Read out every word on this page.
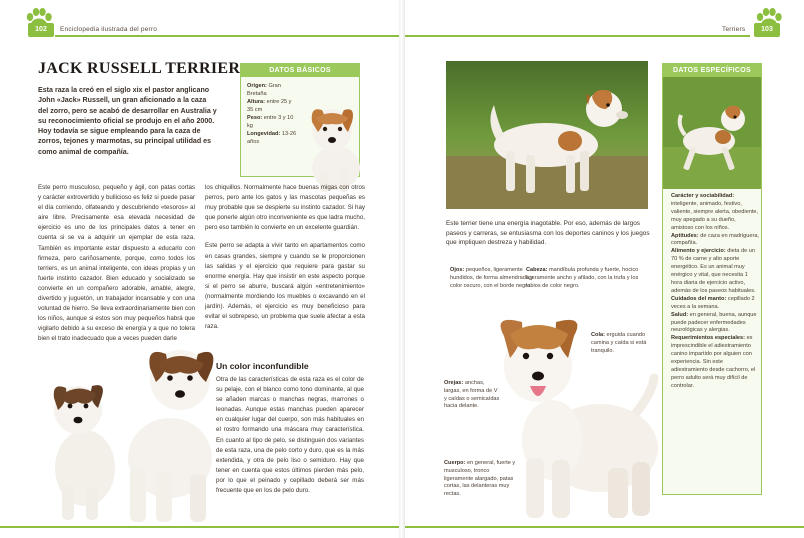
102	Enciclopedia ilustrada del perro
JACK RUSSELL TERRIER
Esta raza la creó en el siglo xix el pastor anglicano John «Jack» Russell, un gran aficionado a la caza del zorro, pero se acabó de desarrollar en Australia y su reconocimiento oficial se produjo en el año 2000. Hoy todavía se sigue empleando para la caza de zorros, tejones y marmotas, su principal utilidad es como animal de compañía.
DATOS BÁSICOS
Origen: Gran Bretaña
Altura: entre 25 y 35 cm
Peso: entre 3 y 10 kg
Longevidad: 13-26 años
Este perro musculoso, pequeño y ágil, con patas cortas y carácter extrovertido y bullicioso es feliz si puede pasar el día corriendo, olfateando y descubriendo «tesoros» al aire libre. Precisamente esa elevada necesidad de ejercicio es uno de los principales datos a tener en cuenta si se va a adquirir un ejemplar de esta raza. También es importante estar dispuesto a educarlo con firmeza, pero cariñosamente, porque, como todos los terriers, es un animal inteligente, con ideas propias y un fuerte instinto cazador. Bien educado y socializado se convierte en un compañero adorable, amable, alegre, divertido y juguetón, un trabajador incansable y con una voluntad de hierro. Se lleva extraordinariamente bien con los niños, aunque si estos son muy pequeños habrá que vigilarlo debido a su exceso de energía y a que no tolera bien el trato inadecuado que a veces pueden darle
los chiquillos. Normalmente hace buenas migas con otros perros, pero ante los gatos y las mascotas pequeñas es muy probable que se despierte su instinto cazador. Si hay que ponerle algún otro inconveniente es que ladra mucho, pero eso también lo convierte en un excelente guardián.
Este perro se adapta a vivir tanto en apartamentos como en casas grandes, siempre y cuando se le proporcionen las salidas y el ejercicio que requiere para gastar su enorme energía. Hay que insistir en este aspecto porque si el perro se aburre, buscará algún «entretenimiento» (normalmente mordiendo los muebles o excavando en el jardín). Además, el ejercicio es muy beneficioso para evitar el sobrepeso, un problema que suele afectar a esta raza.
Un color inconfundible
Otra de las características de esta raza es el color de su pelaje, con el blanco como tono dominante, al que se añaden marcas o manchas negras, marrones o leonadas. Aunque estas manchas pueden aparecer en cualquier lugar del cuerpo, son más habituales en el rostro formando una máscara muy característica. En cuanto al tipo de pelo, se distinguen dos variantes de esta raza, una de pelo corto y duro, que es la más extendida, y otra de pelo liso o semiduro. Hay que tener en cuenta que estos últimos pierden más pelo, por lo que el peinado y cepillado deberá ser más frecuente que en los de pelo duro.
103
Terriers
Este terrier tiene una energía inagotable. Por eso, además de largos paseos y carreras, se entusiasma con los deportes caninos y los juegos que impliquen destreza y habilidad.
Ojos: pequeños, ligeramente hundidos, de forma almendrada y color oscuro, con el borde negro.
Cabeza: mandíbula profunda y fuerte, hocico ligeramente ancho y afilado, con la trufa y los labios de color negro.
Cola: erguida cuando camina y caída si está tranquilo.
Orejas: anchas, largas, en forma de V y caídas o semicaídas hacia delante.
Cuerpo: en general, fuerte y musculoso, tronco ligeramente alargado, patas cortas, las delanteras muy rectas.
DATOS ESPECÍFICOS
Carácter y sociabilidad: inteligente, animado, festivo, valiente, siempre alerta, obediente, muy apegado a su dueño, amistoso con los niños.
Aptitudes: de caza en madriguera, compañía.
Alimento y ejercicio: dieta de un 70 % de carne y alto aporte energético. Es un animal muy enérgico y vital, que necesita 1 hora diaria de ejercicio activo, además de los paseos habituales.
Cuidados del manto: cepillado 2 veces a la semana.
Salud: en general, buena, aunque puede padecer enfermedades neurológicas y alergias.
Requerimientos especiales: es imprescindible el adiestramiento canino impartido por alguien con experiencia. Sin este adiestramiento desde cachorro, el perro adulto será muy difícil de controlar.
